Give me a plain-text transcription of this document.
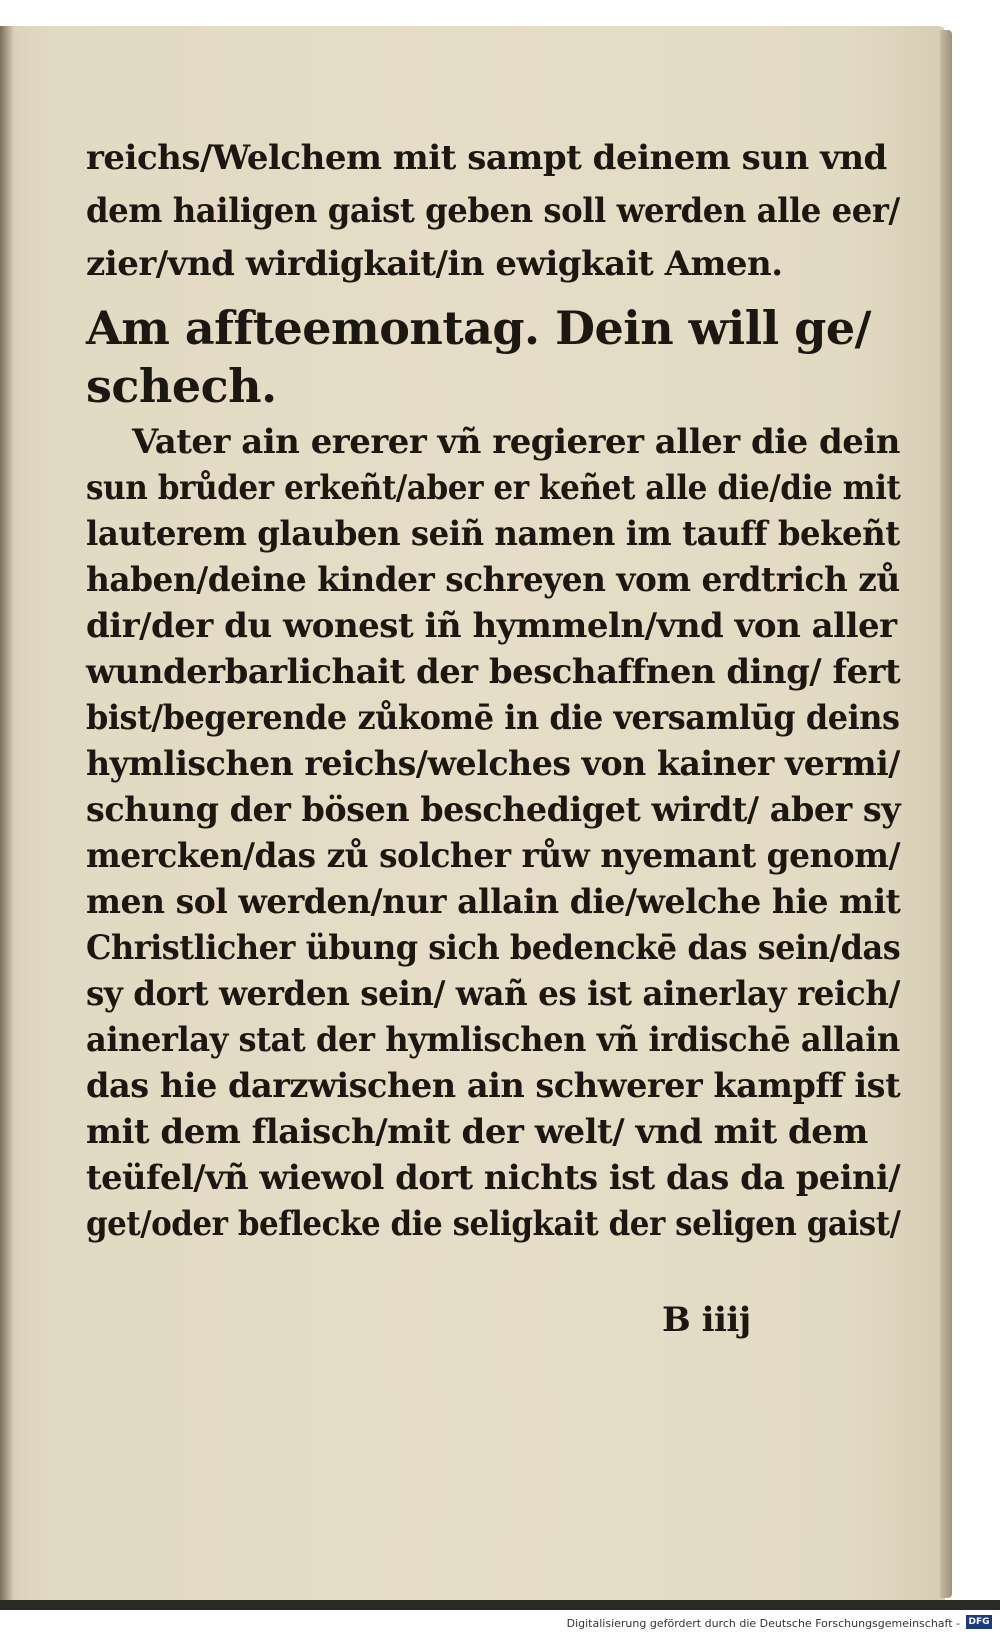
reichs/Welchem mit sampt deinem sun vnd
dem hailigen gaist geben soll werden alle eer/
zier/vnd wirdigkait/in ewigkait Amen.
Am affteemontag. Dein will ge/
schech.
Vater ain ererer vñ regierer aller die dein
sun brůder erkeñt/aber er keñet alle die/die mit
lauterem glauben seiñ namen im tauff bekeñt
haben/deine kinder schreyen vom erdtrich zů
dir/der du wonest iñ hymmeln/vnd von aller
wunderbarlichait der beschaffnen ding/ fert
bist/begerende zůkomē in die versamlūg deins
hymlischen reichs/welches von kainer vermi/
schung der bösen beschediget wirdt/ aber sy
mercken/das zů solcher růw nyemant genom/
men sol werden/nur allain die/welche hie mit
Christlicher übung sich bedenckē das sein/das
sy dort werden sein/ wañ es ist ainerlay reich/
ainerlay stat der hymlischen vñ irdischē allain
das hie darzwischen ain schwerer kampff ist
mit dem flaisch/mit der welt/ vnd mit dem
teüfel/vñ wiewol dort nichts ist das da peini/
get/oder beflecke die seligkait der seligen gaist/
B iiij
Digitalisierung gefördert durch die Deutsche Forschungsgemeinschaft - DFG
